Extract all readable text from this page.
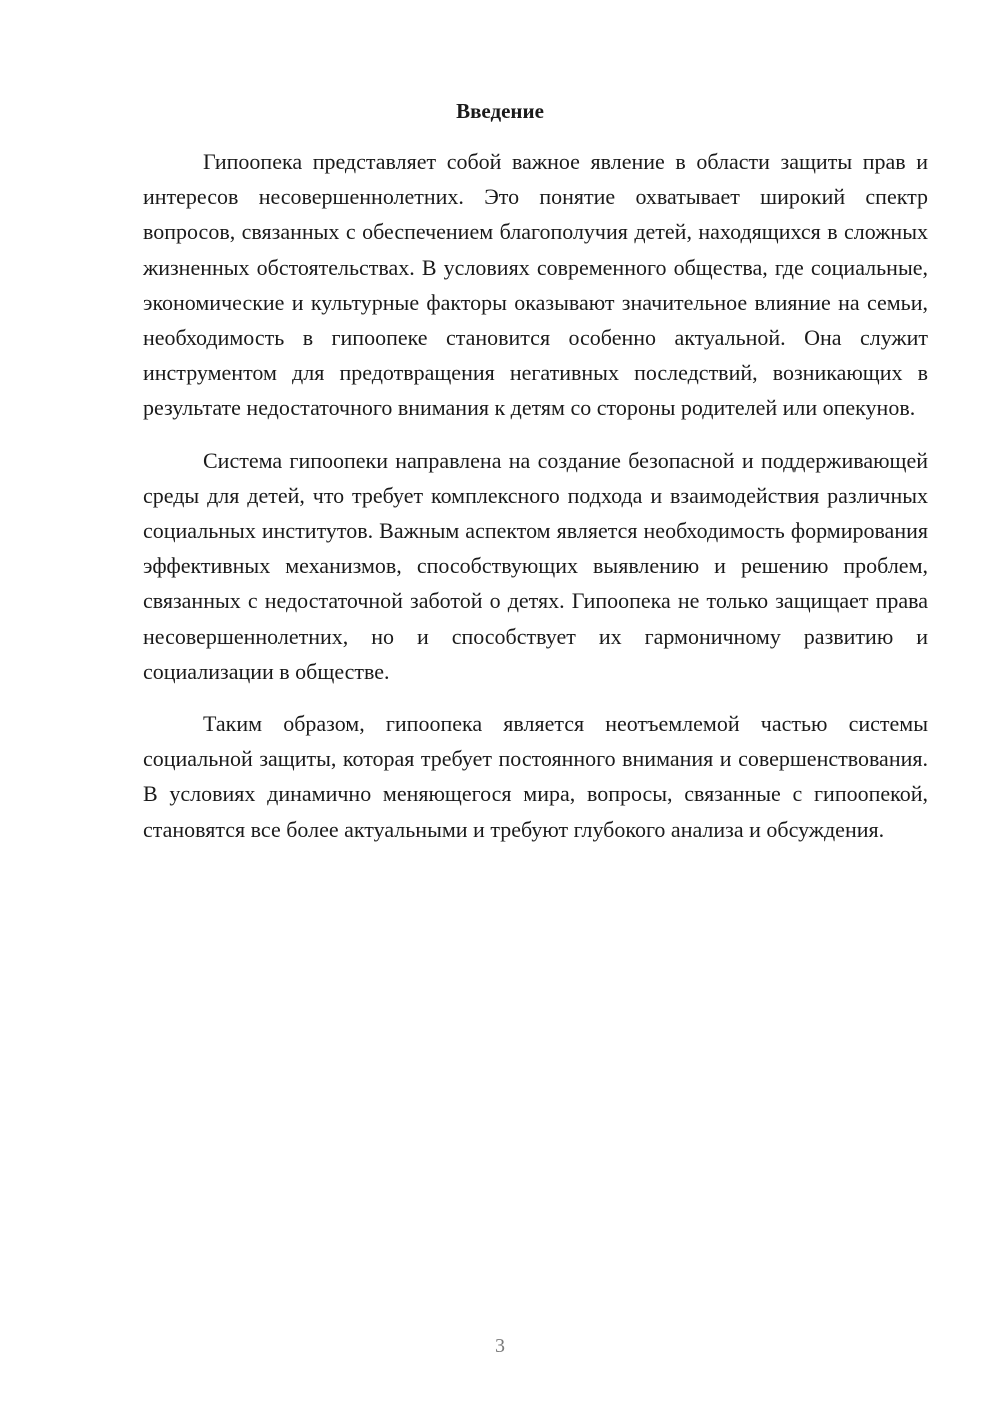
Введение

Гипоопека представляет собой важное явление в области защиты прав и интересов несовершеннолетних. Это понятие охватывает широкий спектр вопросов, связанных с обеспечением благополучия детей, находящихся в сложных жизненных обстоятельствах. В условиях современного общества, где социальные, экономические и культурные факторы оказывают значительное влияние на семьи, необходимость в гипоопеке становится особенно актуальной. Она служит инструментом для предотвращения негативных последствий, возникающих в результате недостаточного внимания к детям со стороны родителей или опекунов.

Система гипоопеки направлена на создание безопасной и поддерживающей среды для детей, что требует комплексного подхода и взаимодействия различных социальных институтов. Важным аспектом является необходимость формирования эффективных механизмов, способствующих выявлению и решению проблем, связанных с недостаточной заботой о детях. Гипоопека не только защищает права несовершеннолетних, но и способствует их гармоничному развитию и социализации в обществе.

Таким образом, гипоопека является неотъемлемой частью системы социальной защиты, которая требует постоянного внимания и совершенствования. В условиях динамично меняющегося мира, вопросы, связанные с гипоопекой, становятся все более актуальными и требуют глубокого анализа и обсуждения.

3
